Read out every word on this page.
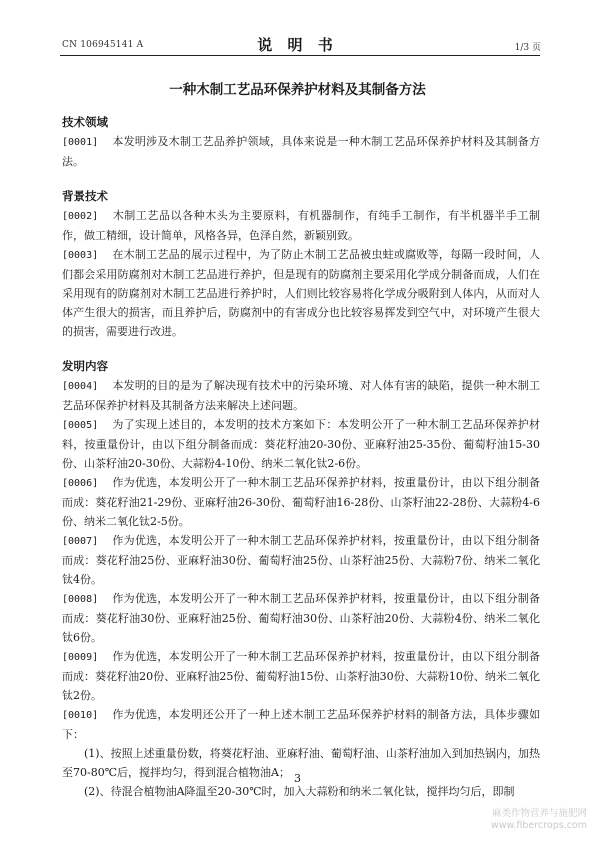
CN 106945141 A	说 明 书	1/3 页
一种木制工艺品环保养护材料及其制备方法

技术领域

[0001] 本发明涉及木制工艺品养护领域，具体来说是一种木制工艺品环保养护材料及其制备方法。

背景技术

[0002] 木制工艺品以各种木头为主要原料，有机器制作，有纯手工制作，有半机器半手工制作，做工精细，设计简单，风格各异，色泽自然，新颖别致。

[0003] 在木制工艺品的展示过程中，为了防止木制工艺品被虫蛀或腐败等，每隔一段时间，人们都会采用防腐剂对木制工艺品进行养护，但是现有的防腐剂主要采用化学成分制备而成，人们在采用现有的防腐剂对木制工艺品进行养护时，人们则比较容易将化学成分吸附到人体内，从而对人体产生很大的损害，而且养护后，防腐剂中的有害成分也比较容易挥发到空气中，对环境产生很大的损害，需要进行改进。

发明内容

[0004] 本发明的目的是为了解决现有技术中的污染环境、对人体有害的缺陷，提供一种木制工艺品环保养护材料及其制备方法来解决上述问题。

[0005] 为了实现上述目的，本发明的技术方案如下：本发明公开了一种木制工艺品环保养护材料，按重量份计，由以下组分制备而成：葵花籽油20-30份、亚麻籽油25-35份、葡萄籽油15-30份、山茶籽油20-30份、大蒜粉4-10份、纳米二氧化钛2-6份。

[0006] 作为优选，本发明公开了一种木制工艺品环保养护材料，按重量份计，由以下组分制备而成：葵花籽油21-29份、亚麻籽油26-30份、葡萄籽油16-28份、山茶籽油22-28份、大蒜粉4-6份、纳米二氧化钛2-5份。

[0007] 作为优选，本发明公开了一种木制工艺品环保养护材料，按重量份计，由以下组分制备而成：葵花籽油25份、亚麻籽油30份、葡萄籽油25份、山茶籽油25份、大蒜粉7份、纳米二氧化钛4份。

[0008] 作为优选，本发明公开了一种木制工艺品环保养护材料，按重量份计，由以下组分制备而成：葵花籽油30份、亚麻籽油25份、葡萄籽油30份、山茶籽油20份、大蒜粉4份、纳米二氧化钛6份。

[0009] 作为优选，本发明公开了一种木制工艺品环保养护材料，按重量份计，由以下组分制备而成：葵花籽油20份、亚麻籽油25份、葡萄籽油15份、山茶籽油30份、大蒜粉10份、纳米二氧化钛2份。

[0010] 作为优选，本发明还公开了一种上述木制工艺品环保养护材料的制备方法，具体步骤如下：

(1)、按照上述重量份数，将葵花籽油、亚麻籽油、葡萄籽油、山茶籽油加入到加热锅内，加热至70-80℃后，搅拌均匀，得到混合植物油A；

(2)、待混合植物油A降温至20-30℃时，加入大蒜粉和纳米二氧化钛，搅拌均匀后，即制

3
麻类作物营养与施肥网
www.fibercrops.com
